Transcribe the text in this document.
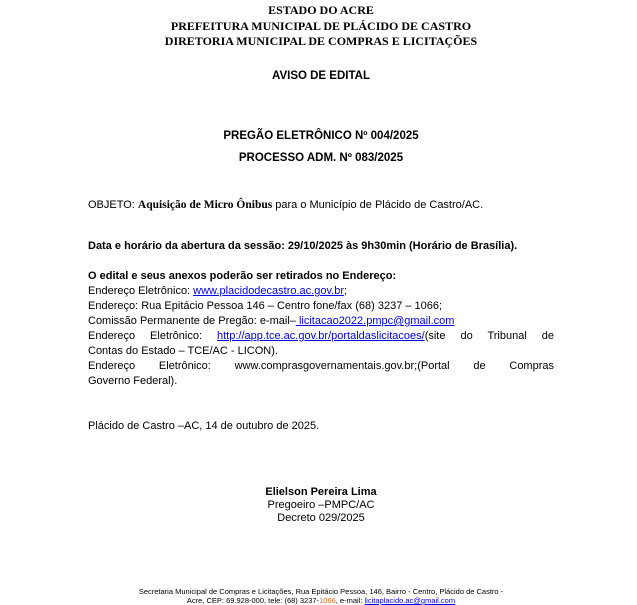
ESTADO DO ACRE
PREFEITURA MUNICIPAL DE PLÁCIDO DE CASTRO
DIRETORIA MUNICIPAL DE COMPRAS E LICITAÇÕES
AVISO DE EDITAL
PREGÃO ELETRÔNICO Nº 004/2025
PROCESSO ADM. Nº 083/2025
OBJETO: Aquisição de Micro Ônibus para o Município de Plácido de Castro/AC.
Data e horário da abertura da sessão: 29/10/2025 às 9h30min (Horário de Brasília).
O edital e seus anexos poderão ser retirados no Endereço:
Endereço Eletrônico: www.placidodecastro.ac.gov.br;
Endereço: Rua Epitácio Pessoa 146 – Centro fone/fax (68) 3237 – 1066;
Comissão Permanente de Pregão: e-mail– licitacao2022.pmpc@gmail.com
Endereço Eletrônico: http://app.tce.ac.gov.br/portaldaslicitacoes/(site do Tribunal de
Contas do Estado – TCE/AC - LICON).
Endereço Eletrônico: www.comprasgovernamentais.gov.br;(Portal de Compras
Governo Federal).
Plácido de Castro –AC, 14 de outubro de 2025.
Elielson Pereira Lima
Pregoeiro –PMPC/AC
Decreto 029/2025
Secretaria Municipal de Compras e Licitações, Rua Epitácio Pessoa, 146, Bairro - Centro, Plácido de Castro -
Acre, CEP: 69.928-000, tele: (68) 3237-1066, e-mail: licitaplacido.ac@gmail.com
